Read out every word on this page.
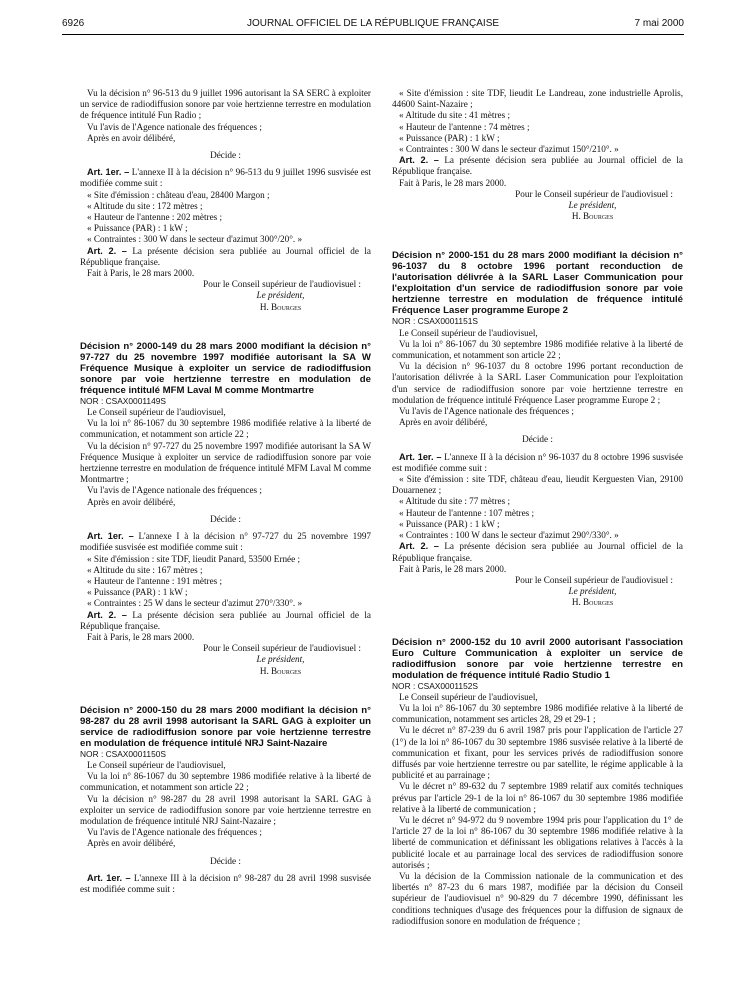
6926	JOURNAL OFFICIEL DE LA RÉPUBLIQUE FRANÇAISE	7 mai 2000

Vu la décision n° 96-513 du 9 juillet 1996 autorisant la SA SERC à exploiter un service de radiodiffusion sonore par voie hertzienne terrestre en modulation de fréquence intitulé Fun Radio ;

Vu l'avis de l'Agence nationale des fréquences ;

Après en avoir délibéré,

Décide :

Art. 1er. – L'annexe II à la décision n° 96-513 du 9 juillet 1996 susvisée est modifiée comme suit :

« Site d'émission : château d'eau, 28400 Margon ;

« Altitude du site : 172 mètres ;

« Hauteur de l'antenne : 202 mètres ;

« Puissance (PAR) : 1 kW ;

« Contraintes : 300 W dans le secteur d'azimut 300°/20°. »

Art. 2. – La présente décision sera publiée au Journal officiel de la République française.

Fait à Paris, le 28 mars 2000.

Pour le Conseil supérieur de l'audiovisuel :

Le président,

H. Bourges

Décision n° 2000-149 du 28 mars 2000 modifiant la décision n° 97-727 du 25 novembre 1997 modifiée autorisant la SA W Fréquence Musique à exploiter un service de radiodiffusion sonore par voie hertzienne terrestre en modulation de fréquence intitulé MFM Laval M comme Montmartre

NOR : CSAX0001149S

Le Conseil supérieur de l'audiovisuel,

Vu la loi n° 86-1067 du 30 septembre 1986 modifiée relative à la liberté de communication, et notamment son article 22 ;

Vu la décision n° 97-727 du 25 novembre 1997 modifiée autorisant la SA W Fréquence Musique à exploiter un service de radiodiffusion sonore par voie hertzienne terrestre en modulation de fréquence intitulé MFM Laval M comme Montmartre ;

Vu l'avis de l'Agence nationale des fréquences ;

Après en avoir délibéré,

Décide :

Art. 1er. – L'annexe I à la décision n° 97-727 du 25 novembre 1997 modifiée susvisée est modifiée comme suit :

« Site d'émission : site TDF, lieudit Panard, 53500 Ernée ;

« Altitude du site : 167 mètres ;

« Hauteur de l'antenne : 191 mètres ;

« Puissance (PAR) : 1 kW ;

« Contraintes : 25 W dans le secteur d'azimut 270°/330°. »

Art. 2. – La présente décision sera publiée au Journal officiel de la République française.

Fait à Paris, le 28 mars 2000.

Pour le Conseil supérieur de l'audiovisuel :

Le président,

H. Bourges

Décision n° 2000-150 du 28 mars 2000 modifiant la décision n° 98-287 du 28 avril 1998 autorisant la SARL GAG à exploiter un service de radiodiffusion sonore par voie hertzienne terrestre en modulation de fréquence intitulé NRJ Saint-Nazaire

NOR : CSAX0001150S

Le Conseil supérieur de l'audiovisuel,

Vu la loi n° 86-1067 du 30 septembre 1986 modifiée relative à la liberté de communication, et notamment son article 22 ;

Vu la décision n° 98-287 du 28 avril 1998 autorisant la SARL GAG à exploiter un service de radiodiffusion sonore par voie hertzienne terrestre en modulation de fréquence intitulé NRJ Saint-Nazaire ;

Vu l'avis de l'Agence nationale des fréquences ;

Après en avoir délibéré,

Décide :

Art. 1er. – L'annexe III à la décision n° 98-287 du 28 avril 1998 susvisée est modifiée comme suit :

« Site d'émission : site TDF, lieudit Le Landreau, zone industrielle Aprolis, 44600 Saint-Nazaire ;

« Altitude du site : 41 mètres ;

« Hauteur de l'antenne : 74 mètres ;

« Puissance (PAR) : 1 kW ;

« Contraintes : 300 W dans le secteur d'azimut 150°/210°. »

Art. 2. – La présente décision sera publiée au Journal officiel de la République française.

Fait à Paris, le 28 mars 2000.

Pour le Conseil supérieur de l'audiovisuel :

Le président,

H. Bourges

Décision n° 2000-151 du 28 mars 2000 modifiant la décision n° 96-1037 du 8 octobre 1996 portant reconduction de l'autorisation délivrée à la SARL Laser Communication pour l'exploitation d'un service de radiodiffusion sonore par voie hertzienne terrestre en modulation de fréquence intitulé Fréquence Laser programme Europe 2

NOR : CSAX0001151S

Le Conseil supérieur de l'audiovisuel,

Vu la loi n° 86-1067 du 30 septembre 1986 modifiée relative à la liberté de communication, et notamment son article 22 ;

Vu la décision n° 96-1037 du 8 octobre 1996 portant reconduction de l'autorisation délivrée à la SARL Laser Communication pour l'exploitation d'un service de radiodiffusion sonore par voie hertzienne terrestre en modulation de fréquence intitulé Fréquence Laser programme Europe 2 ;

Vu l'avis de l'Agence nationale des fréquences ;

Après en avoir délibéré,

Décide :

Art. 1er. – L'annexe II à la décision n° 96-1037 du 8 octobre 1996 susvisée est modifiée comme suit :

« Site d'émission : site TDF, château d'eau, lieudit Kerguesten Vian, 29100 Douarnenez ;

« Altitude du site : 77 mètres ;

« Hauteur de l'antenne : 107 mètres ;

« Puissance (PAR) : 1 kW ;

« Contraintes : 100 W dans le secteur d'azimut 290°/330°. »

Art. 2. – La présente décision sera publiée au Journal officiel de la République française.

Fait à Paris, le 28 mars 2000.

Pour le Conseil supérieur de l'audiovisuel :

Le président,

H. Bourges

Décision n° 2000-152 du 10 avril 2000 autorisant l'association Euro Culture Communication à exploiter un service de radiodiffusion sonore par voie hertzienne terrestre en modulation de fréquence intitulé Radio Studio 1

NOR : CSAX0001152S

Le Conseil supérieur de l'audiovisuel,

Vu la loi n° 86-1067 du 30 septembre 1986 modifiée relative à la liberté de communication, notamment ses articles 28, 29 et 29-1 ;

Vu le décret n° 87-239 du 6 avril 1987 pris pour l'application de l'article 27 (1°) de la loi n° 86-1067 du 30 septembre 1986 susvisée relative à la liberté de communication et fixant, pour les services privés de radiodiffusion sonore diffusés par voie hertzienne terrestre ou par satellite, le régime applicable à la publicité et au parrainage ;

Vu le décret n° 89-632 du 7 septembre 1989 relatif aux comités techniques prévus par l'article 29-1 de la loi n° 86-1067 du 30 septembre 1986 modifiée relative à la liberté de communication ;

Vu le décret n° 94-972 du 9 novembre 1994 pris pour l'application du 1° de l'article 27 de la loi n° 86-1067 du 30 septembre 1986 modifiée relative à la liberté de communication et définissant les obligations relatives à l'accès à la publicité locale et au parrainage local des services de radiodiffusion sonore autorisés ;

Vu la décision de la Commission nationale de la communication et des libertés n° 87-23 du 6 mars 1987, modifiée par la décision du Conseil supérieur de l'audiovisuel n° 90-829 du 7 décembre 1990, définissant les conditions techniques d'usage des fréquences pour la diffusion de signaux de radiodiffusion sonore en modulation de fréquence ;
